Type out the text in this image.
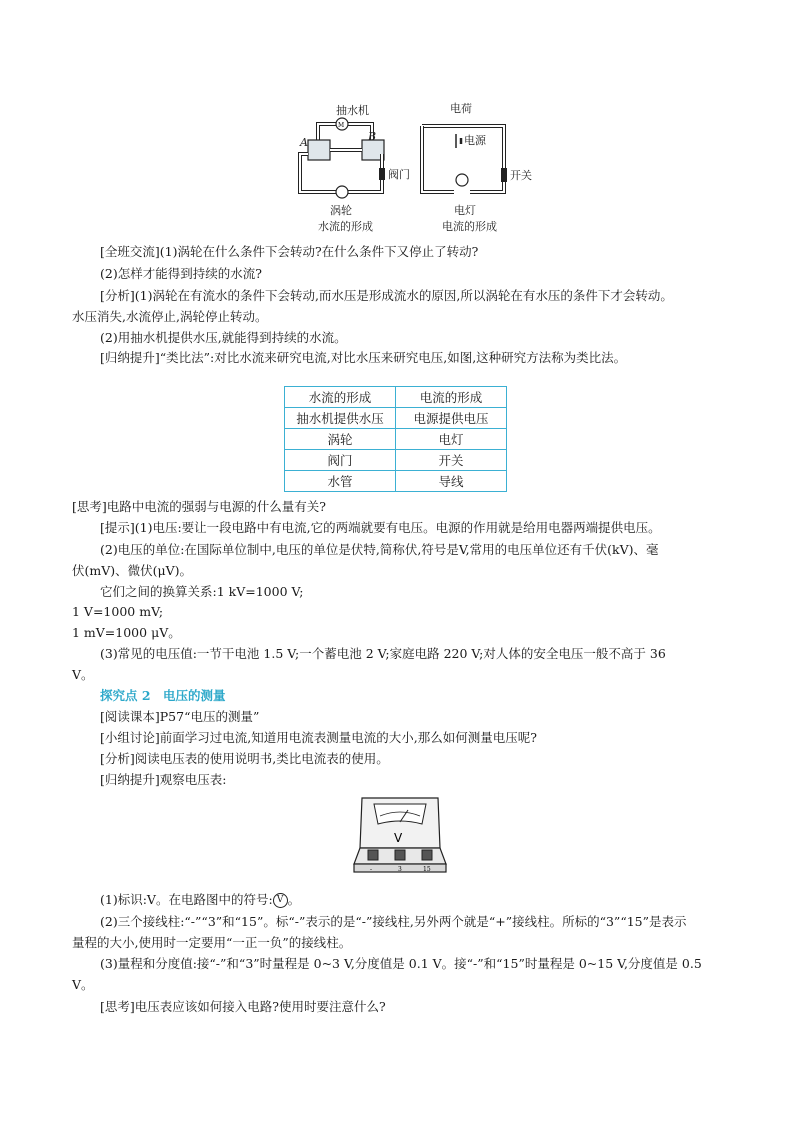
抽水机
M
A	B
阀门
涡轮
水流的形成
电荷
电源
开关
电灯
电流的形成
[全班交流](1)涡轮在什么条件下会转动?在什么条件下又停止了转动?
(2)怎样才能得到持续的水流?
[分析](1)涡轮在有流水的条件下会转动,而水压是形成流水的原因,所以涡轮在有水压的条件下才会转动。
水压消失,水流停止,涡轮停止转动。
(2)用抽水机提供水压,就能得到持续的水流。
[归纳提升]“类比法”:对比水流来研究电流,对比水压来研究电压,如图,这种研究方法称为类比法。
水流的形成	电流的形成
抽水机提供水压	电源提供电压
涡轮	电灯
阀门	开关
水管	导线
[思考]电路中电流的强弱与电源的什么量有关?
[提示](1)电压:要让一段电路中有电流,它的两端就要有电压。电源的作用就是给用电器两端提供电压。
(2)电压的单位:在国际单位制中,电压的单位是伏特,简称伏,符号是V,常用的电压单位还有千伏(kV)、毫
伏(mV)、微伏(μV)。
它们之间的换算关系:1 kV=1000 V;
1 V=1000 mV;
1 mV=1000 μV。
(3)常见的电压值:一节干电池 1.5 V;一个蓄电池 2 V;家庭电路 220 V;对人体的安全电压一般不高于 36
V。
探究点 2　电压的测量
[阅读课本]P57“电压的测量”
[小组讨论]前面学习过电流,知道用电流表测量电流的大小,那么如何测量电压呢?
[分析]阅读电压表的使用说明书,类比电流表的使用。
[归纳提升]观察电压表:
V
-	3	15
(1)标识:V。在电路图中的符号: V 。
(2)三个接线柱:“-”“3”和“15”。标“-”表示的是“-”接线柱,另外两个就是“+”接线柱。所标的“3”“15”是表示
量程的大小,使用时一定要用“一正一负”的接线柱。
(3)量程和分度值:接“-”和“3”时量程是 0~3 V,分度值是 0.1 V。接“-”和“15”时量程是 0~15 V,分度值是 0.5
V。
[思考]电压表应该如何接入电路?使用时要注意什么?
